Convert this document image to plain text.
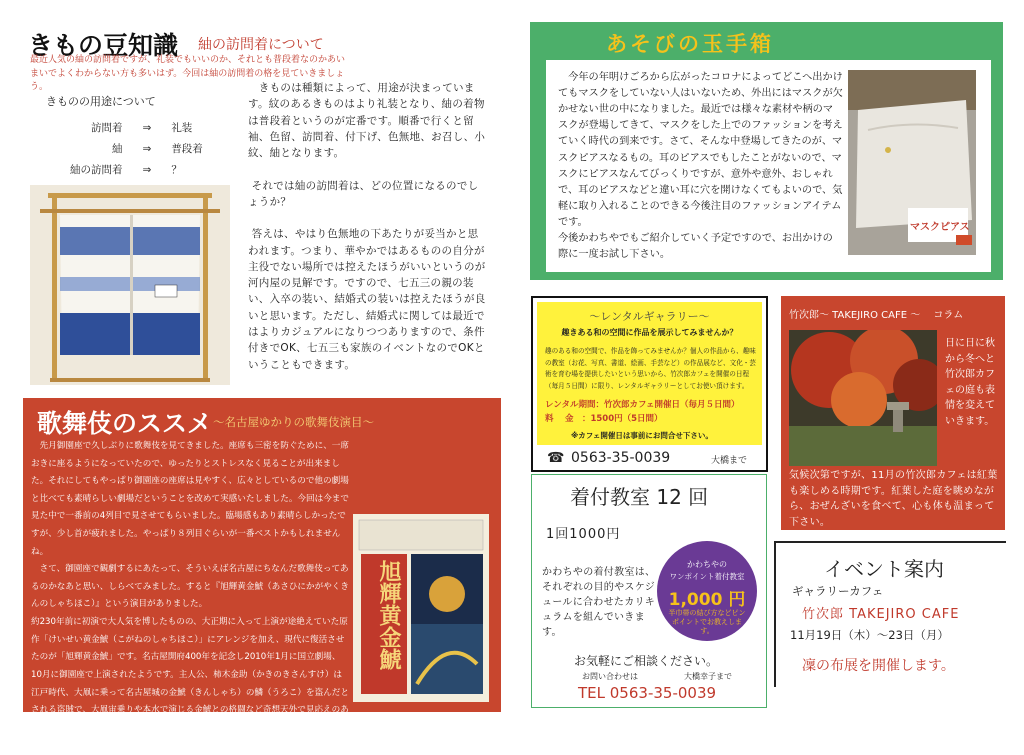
きもの豆知識 紬の訪問着について
最近人気の紬の訪問着ですが、礼装でもいいのか、それとも普段着なのかあいまいでよくわからない方も多いはず。今回は紬の訪問着の格を見ていきましょう。
きものの用途について
訪問着	⇒	礼装
紬	⇒	普段着
紬の訪問着	⇒	？
　きものは種類によって、用途が決まっています。紋のあるきものはより礼装となり、紬の着物は普段着というのが定番です。順番で行くと留袖、色留、訪問着、付下げ、色無地、お召し、小紋、紬となります。

それでは紬の訪問着は、どの位置になるのでしょうか？

答えは、やはり色無地の下あたりが妥当かと思われます。つまり、華やかではあるものの自分が主役でない場所では控えたほうがいいというのが河内屋の見解です。ですので、七五三の親の装い、入卒の装い、結婚式の装いは控えたほうが良いと思います。ただし、結婚式に関しては最近ではよりカジュアルになりつつありますので、条件付きでOK、七五三も家族のイベントなのでOKということもできます。
歌舞伎のススメ ～名古屋ゆかりの歌舞伎演目～
　先月御園座で久しぶりに歌舞伎を見てきました。座席も三密を防ぐために、一席おきに座るようになっていたので、ゆったりとストレスなく見ることが出来ました。それにしてもやっぱり御園座の座席は見やすく、広々としているので他の劇場と比べても素晴らしい劇場だということを改めて実感いたしました。今回は今まで見た中で一番前の4列目で見させてもらいました。臨場感もあり素晴らしかったですが、少し首が疲れました。やっぱり８列目ぐらいが一番ベストかもしれませんね。
　さて、御園座で観劇するにあたって、そういえば名古屋にちなんだ歌舞伎ってあるのかなあと思い、しらべてみました。すると『旭輝黄金鯱（あさひにかがやくきんのしゃちほこ）』という演目がありました。
約230年前に初演で大人気を博したものの、大正期に入って上演が途絶えていた原作「けいせい黄金鯱（こがねのしゃちほこ）」にアレンジを加え、現代に復活させたのが「旭輝黄金鯱」です。名古屋開府400年を記念し2010年1月に国立劇場、10月に御園座で上演されたようです。主人公、柿木金助（かきのきさんすけ）は江戸時代、大凧に乗って名古屋城の金鯱（きんしゃち）の鱗（うろこ）を盗んだとされる盗賊で、大凧宙乗りや本水で演じる金鯱との格闘など奇想天外で見応えのある内容だったそうです。是非ともまた御園座などでみられる日がくることを期待しています。
旭輝黄金鯱
あそびの玉手箱
　今年の年明けごろから広がったコロナによってどこへ出かけてもマスクをしていない人はいないため、外出にはマスクが欠かせない世の中になりました。最近では様々な素材や柄のマスクが登場してきて、マスクをした上でのファッションを考えていく時代の到来です。さて、そんな中登場してきたのが、マスクピアスなるもの。耳のピアスでもしたことがないので、マスクにピアスなんてびっくりですが、意外や意外、おしゃれで、耳のピアスなどと違い耳に穴を開けなくてもよいので、気軽に取り入れることのできる今後注目のファッションアイテムです。
今後かわちやでもご紹介していく予定ですので、お出かけの際に一度お試し下さい。
マスクピアス
～レンタルギャラリー～
趣きある和の空間に作品を展示してみませんか？
趣のある和の空間で、作品を飾ってみませんか？個人の作品から、趣味の教室（お花、写真、書道、絵画、手芸など）の作品展など、文化・芸術を育む場を提供したいという思いから、竹次郎カフェを開催の日程（毎月５日間）に限り、レンタルギャラリーとしてお使い頂けます。
レンタル期間：竹次郎カフェ開催日（毎月５日間）
料　 金　：1500円（5日間）
※カフェ開催日は事前にお問合せ下さい。
☎ 0563-35-0039	大橋まで
竹次郎～ TAKEJIRO CAFE ～　 コラム
日に日に秋から冬へと竹次郎カフェの庭も表情を変えていきます。
気候次第ですが、11月の竹次郎カフェは紅葉も楽しめる時期です。紅葉した庭を眺めながら、おぜんざいを食べて、心も体も温まって下さい。
着付教室 12 回
1回1000円
かわちやの着付教室は、それぞれの目的やスケジュールに合わせたカリキュラムを組んでいきます。
かわちやの
ワンポイント着付教室
1,000 円
半巾帯の結び方などピンポイントでお教えします。
お気軽にご相談ください。
お問い合わせは	大橋幸子まで
TEL 0563-35-0039
イベント案内
ギャラリーカフェ
竹次郎 TAKEJIRO CAFE
11月19日（木）～23日（月）
凜の布展を開催します。
